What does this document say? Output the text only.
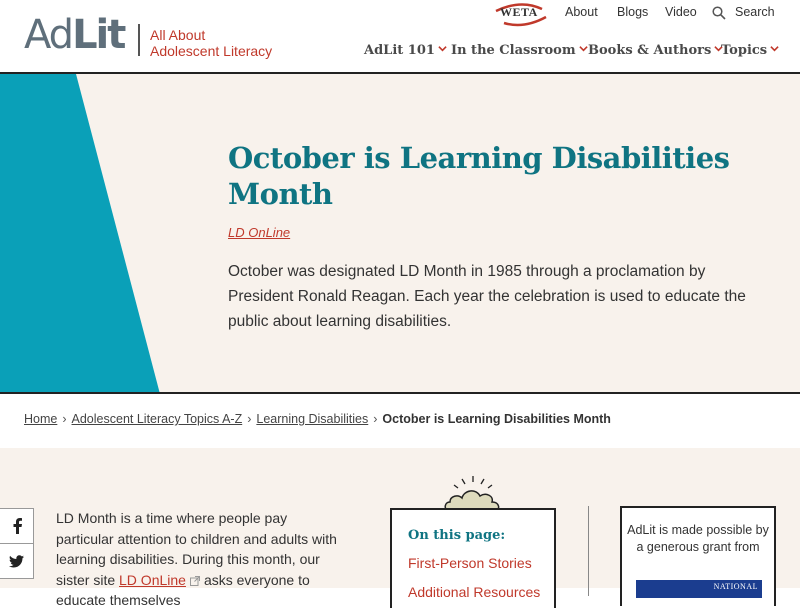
AdLit All About
Adolescent Literacy
WETA About Blogs Video	Search
AdLit 101	In the Classroom Books & Authors Topics
October is Learning Disabilities Month
LD OnLine

October was designated LD Month in 1985 through a proclamation by President Ronald Reagan. Each year the celebration is used to educate the public about learning disabilities.

Home › Adolescent Literacy Topics A-Z › Learning Disabilities › October is Learning Disabilities Month

LD Month is a time where people pay particular attention to children and adults with learning disabilities. During this month, our sister site LD OnLine asks everyone to educate themselves

On this page:
First-Person Stories
Additional Resources
AdLit is made possible by a generous grant from
NATIONAL
